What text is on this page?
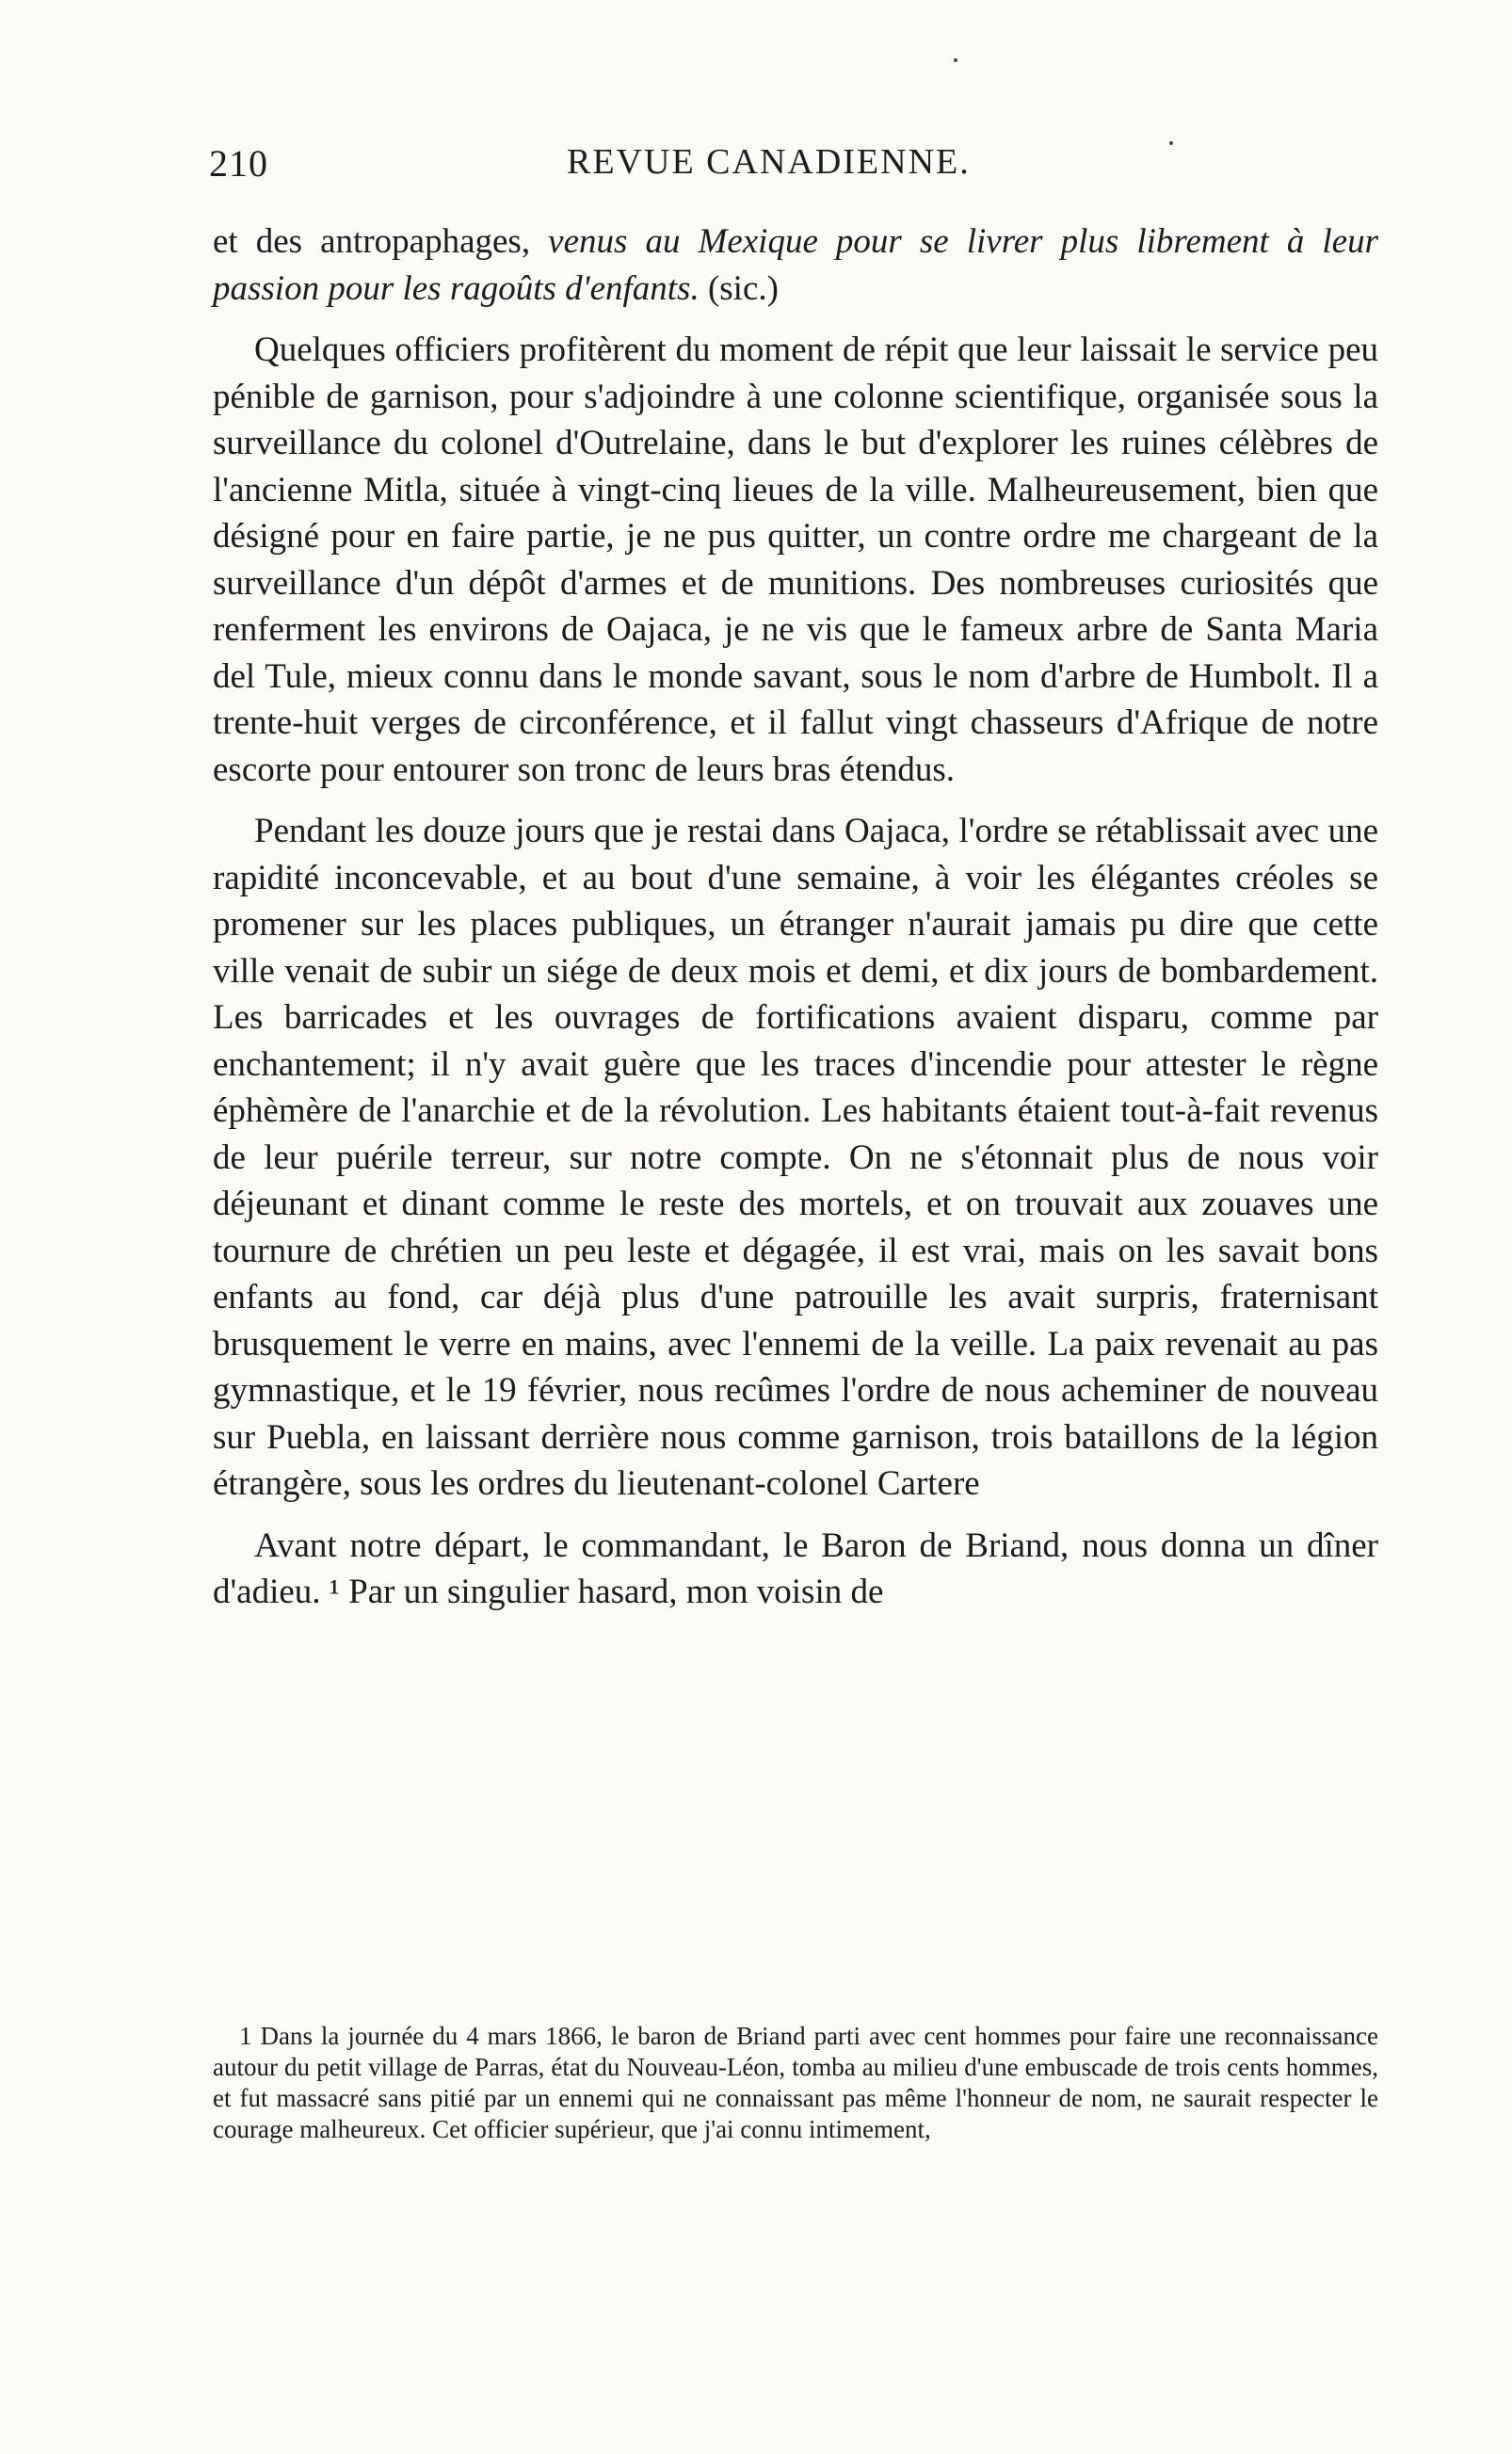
210	REVUE CANADIENNE.

et des antropaphages, venus au Mexique pour se livrer plus librement à leur passion pour les ragoûts d'enfants. (sic.)

Quelques officiers profitèrent du moment de répit que leur laissait le service peu pénible de garnison, pour s'adjoindre à une colonne scientifique, organisée sous la surveillance du colonel d'Outrelaine, dans le but d'explorer les ruines célèbres de l'ancienne Mitla, située à vingt-cinq lieues de la ville. Malheureusement, bien que désigné pour en faire partie, je ne pus quitter, un contre ordre me chargeant de la surveillance d'un dépôt d'armes et de munitions. Des nombreuses curiosités que renferment les environs de Oajaca, je ne vis que le fameux arbre de Santa Maria del Tule, mieux connu dans le monde savant, sous le nom d'arbre de Humbolt. Il a trente-huit verges de circonférence, et il fallut vingt chasseurs d'Afrique de notre escorte pour entourer son tronc de leurs bras étendus.

Pendant les douze jours que je restai dans Oajaca, l'ordre se rétablissait avec une rapidité inconcevable, et au bout d'une semaine, à voir les élégantes créoles se promener sur les places publiques, un étranger n'aurait jamais pu dire que cette ville venait de subir un siége de deux mois et demi, et dix jours de bombardement. Les barricades et les ouvrages de fortifications avaient disparu, comme par enchantement; il n'y avait guère que les traces d'incendie pour attester le règne éphèmère de l'anarchie et de la révolution. Les habitants étaient tout-à-fait revenus de leur puérile terreur, sur notre compte. On ne s'étonnait plus de nous voir déjeunant et dinant comme le reste des mortels, et on trouvait aux zouaves une tournure de chrétien un peu leste et dégagée, il est vrai, mais on les savait bons enfants au fond, car déjà plus d'une patrouille les avait surpris, fraternisant brusquement le verre en mains, avec l'ennemi de la veille. La paix revenait au pas gymnastique, et le 19 février, nous recûmes l'ordre de nous acheminer de nouveau sur Puebla, en laissant derrière nous comme garnison, trois bataillons de la légion étrangère, sous les ordres du lieutenant-colonel Cartere

Avant notre départ, le commandant, le Baron de Briand, nous donna un dîner d'adieu. ¹ Par un singulier hasard, mon voisin de

1 Dans la journée du 4 mars 1866, le baron de Briand parti avec cent hommes pour faire une reconnaissance autour du petit village de Parras, état du Nouveau-Léon, tomba au milieu d'une embuscade de trois cents hommes, et fut massacré sans pitié par un ennemi qui ne connaissant pas même l'honneur de nom, ne saurait respecter le courage malheureux. Cet officier supérieur, que j'ai connu intimement,
